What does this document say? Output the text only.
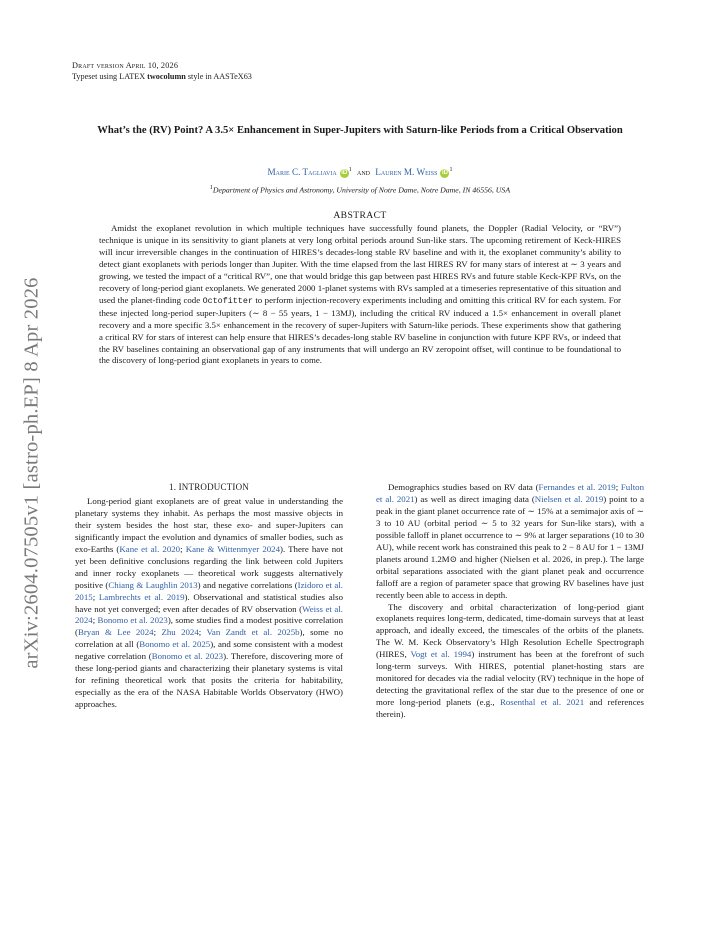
arXiv:2604.07505v1 [astro-ph.EP] 8 Apr 2026
Draft version April 10, 2026
Typeset using LATEX twocolumn style in AASTeX63
What’s the (RV) Point? A 3.5× Enhancement in Super-Jupiters with Saturn-like Periods from a Critical Observation
Marie C. Tagliavia $iD^1$ and Lauren M. Weiss $iD^1$
$^1$Department of Physics and Astronomy, University of Notre Dame, Notre Dame, IN 46556, USA
ABSTRACT

Amidst the exoplanet revolution in which multiple techniques have successfully found planets, the Doppler (Radial Velocity, or “RV”) technique is unique in its sensitivity to giant planets at very long orbital periods around Sun-like stars. The upcoming retirement of Keck-HIRES will incur irreversible changes in the continuation of HIRES’s decades-long stable RV baseline and with it, the exoplanet community’s ability to detect giant exoplanets with periods longer than Jupiter. With the time elapsed from the last HIRES RV for many stars of interest at ∼ 3 years and growing, we tested the impact of a “critical RV”, one that would bridge this gap between past HIRES RVs and future stable Keck-KPF RVs, on the recovery of long-period giant exoplanets. We generated 2000 1-planet systems with RVs sampled at a timeseries representative of this situation and used the planet-finding code Octofitter to perform injection-recovery experiments including and omitting this critical RV for each system. For these injected long-period super-Jupiters (∼ 8 − 55 years, 1 − 13MJ), including the critical RV induced a 1.5× enhancement in overall planet recovery and a more specific 3.5× enhancement in the recovery of super-Jupiters with Saturn-like periods. These experiments show that gathering a critical RV for stars of interest can help ensure that HIRES’s decades-long stable RV baseline in conjunction with future KPF RVs, or indeed that the RV baselines containing an observational gap of any instruments that will undergo an RV zeropoint offset, will continue to be foundational to the discovery of long-period giant exoplanets in years to come.

1. INTRODUCTION

Long-period giant exoplanets are of great value in understanding the planetary systems they inhabit. As perhaps the most massive objects in their system besides the host star, these exo- and super-Jupiters can significantly impact the evolution and dynamics of smaller bodies, such as exo-Earths (Kane et al. 2020; Kane & Wittenmyer 2024). There have not yet been definitive conclusions regarding the link between cold Jupiters and inner rocky exoplanets — theoretical work suggests alternatively positive (Chiang & Laughlin 2013) and negative correlations (Izidoro et al. 2015; Lambrechts et al. 2019). Observational and statistical studies also have not yet converged; even after decades of RV observation (Weiss et al. 2024; Bonomo et al. 2023), some studies find a modest positive correlation (Bryan & Lee 2024; Zhu 2024; Van Zandt et al. 2025b), some no correlation at all (Bonomo et al. 2025), and some consistent with a modest negative correlation (Bonomo et al. 2023). Therefore, discovering more of these long-period giants and characterizing their planetary systems is vital for refining theoretical work that posits the criteria for habitability, especially as the era of the NASA Habitable Worlds Observatory (HWO) approaches.

Demographics studies based on RV data (Fernandes et al. 2019; Fulton et al. 2021) as well as direct imaging data (Nielsen et al. 2019) point to a peak in the giant planet occurrence rate of ∼ 15% at a semimajor axis of ∼ 3 to 10 AU (orbital period ∼ 5 to 32 years for Sun-like stars), with a possible falloff in planet occurrence to ∼ 9% at larger separations (10 to 30 AU), while recent work has constrained this peak to 2 − 8 AU for 1 − 13MJ planets around 1.2M⊙ and higher (Nielsen et al. 2026, in prep.). The large orbital separations associated with the giant planet peak and occurrence falloff are a region of parameter space that growing RV baselines have just recently been able to access in depth.

The discovery and orbital characterization of long-period giant exoplanets requires long-term, dedicated, time-domain surveys that at least approach, and ideally exceed, the timescales of the orbits of the planets. The W. M. Keck Observatory’s HIgh Resolution Echelle Spectrograph (HIRES, Vogt et al. 1994) instrument has been at the forefront of such long-term surveys. With HIRES, potential planet-hosting stars are monitored for decades via the radial velocity (RV) technique in the hope of detecting the gravitational reflex of the star due to the presence of one or more long-period planets (e.g., Rosenthal et al. 2021 and references therein).
